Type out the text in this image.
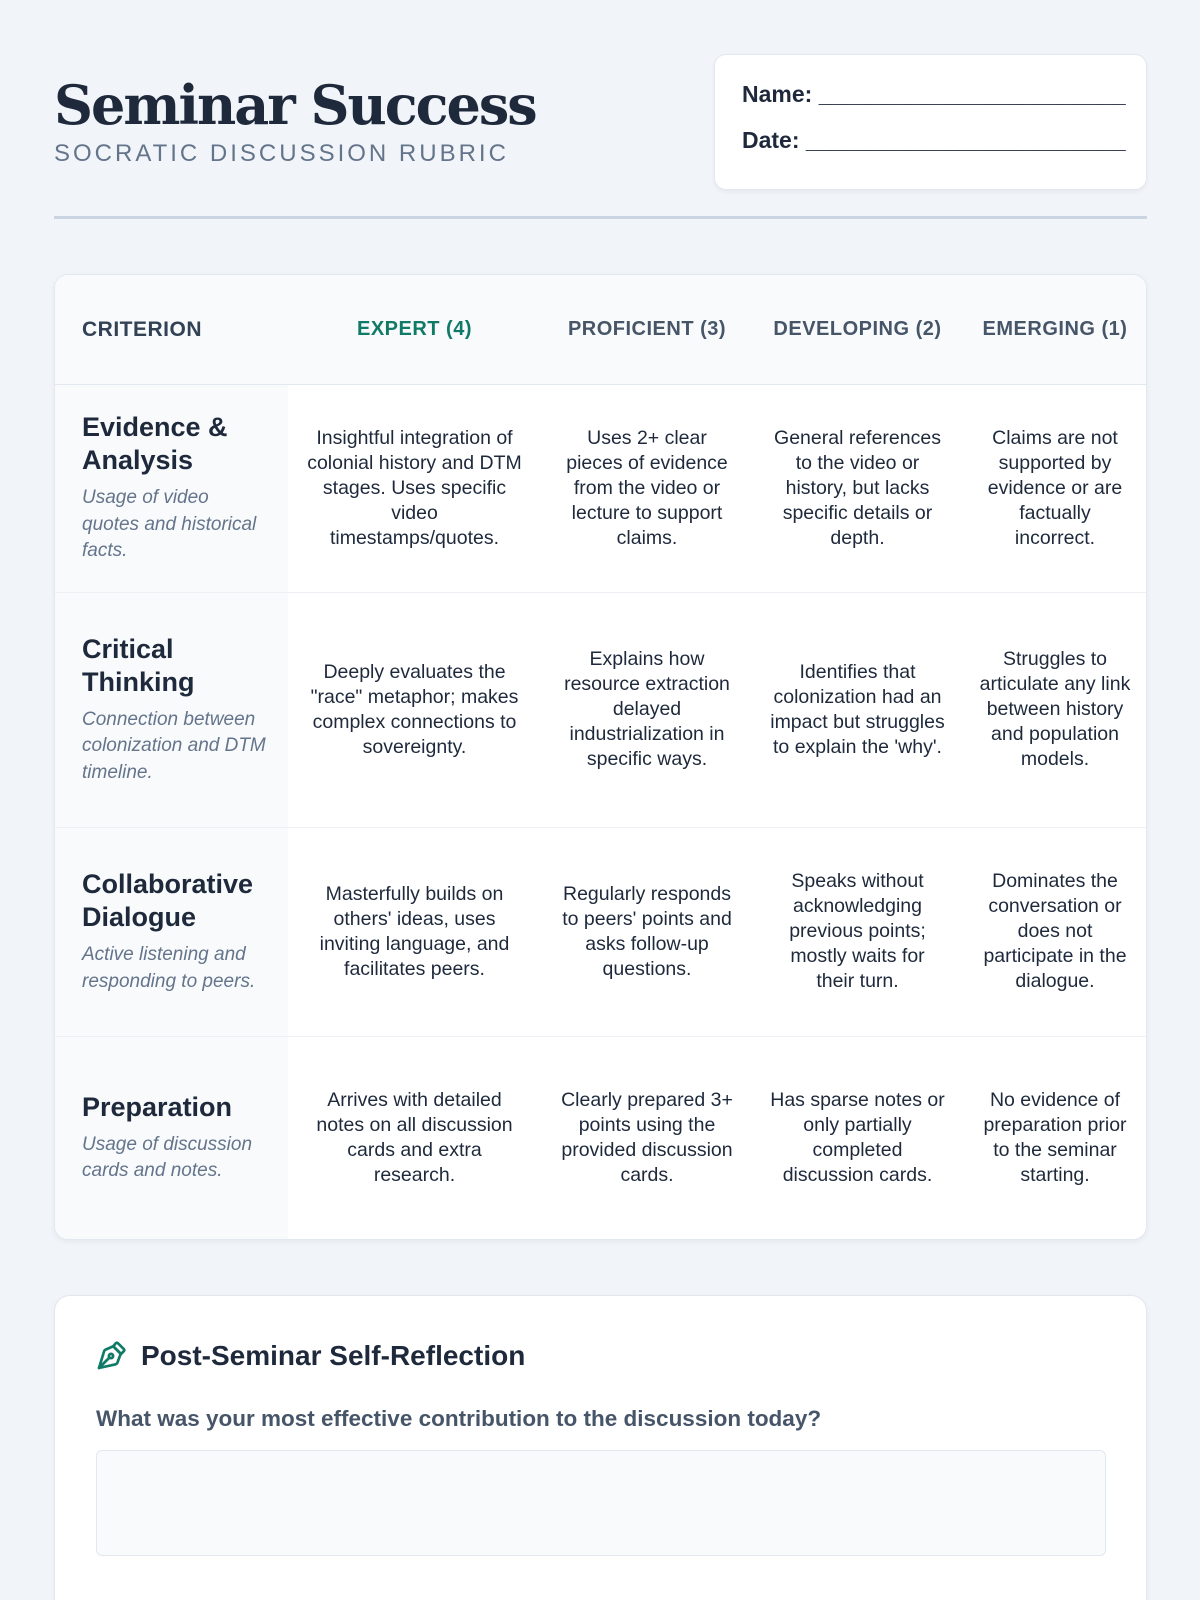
Seminar Success
SOCRATIC DISCUSSION RUBRIC
Name: ________________________
Date: _________________________
CRITERION	EXPERT (4)	PROFICIENT (3)	DEVELOPING (2)	EMERGING (1)

Evidence & Analysis
Usage of video quotes and historical facts.	Insightful integration of colonial history and DTM stages. Uses specific video timestamps/quotes.	Uses 2+ clear pieces of evidence from the video or lecture to support claims.	General references to the video or history, but lacks specific details or depth.	Claims are not supported by evidence or are factually incorrect.

Critical Thinking
Connection between colonization and DTM timeline.	Deeply evaluates the "race" metaphor; makes complex connections to sovereignty.	Explains how resource extraction delayed industrialization in specific ways.	Identifies that colonization had an impact but struggles to explain the 'why'.	Struggles to articulate any link between history and population models.

Collaborative Dialogue
Active listening and responding to peers.	Masterfully builds on others' ideas, uses inviting language, and facilitates peers.	Regularly responds to peers' points and asks follow-up questions.	Speaks without acknowledging previous points; mostly waits for their turn.	Dominates the conversation or does not participate in the dialogue.

Preparation
Usage of discussion cards and notes.	Arrives with detailed notes on all discussion cards and extra research.	Clearly prepared 3+ points using the provided discussion cards.	Has sparse notes or only partially completed discussion cards.	No evidence of preparation prior to the seminar starting.
Post-Seminar Self-Reflection
What was your most effective contribution to the discussion today?
